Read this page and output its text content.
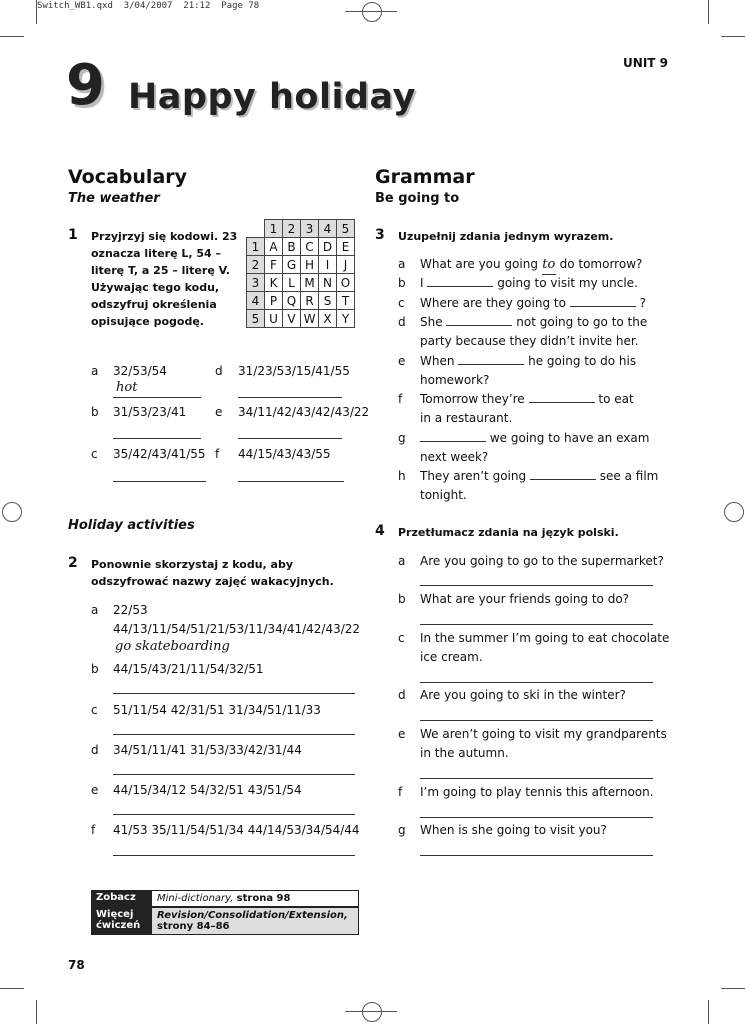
Switch_WB1.qxd  3/04/2007  21:12  Page 78
UNIT 9
9 Happy holiday
Vocabulary
The weather
1 Przyjrzyj się kodowi. 23
oznacza literę L, 54 –
literę T, a 25 – literę V.
Używając tego kodu,
odszyfruj określenia
opisujące pogodę.
	1	2	3	4	5
1	A	B	C	D	E
2	F	G	H	I	J
3	K	L	M	N	O
4	P	Q	R	S	T
5	U	V	W	X	Y
a 32/53/54
hot
b 31/53/23/41
c 35/42/43/41/55
d 31/23/53/15/41/55
e 34/11/42/43/42/43/22
f 44/15/43/43/55
Holiday activities
2 Ponownie skorzystaj z kodu, aby
odszyfrować nazwy zajęć wakacyjnych.
a 22/53
44/13/11/54/51/21/53/11/34/41/42/43/22
go skateboarding
b 44/15/43/21/11/54/32/51
c 51/11/54 42/31/51 31/34/51/11/33
d 34/51/11/41 31/53/33/42/31/44
e 44/15/34/12 54/32/51 43/51/54
f 41/53 35/11/54/51/34 44/14/53/34/54/44
Zobacz	Mini-dictionary, strona 98
Więcej ćwiczeń
Revision/Consolidation/Extension,
strony 84–86
78
Grammar
Be going to
3 Uzupełnij zdania jednym wyrazem.
a What are you going to do tomorrow?
b I	going to visit my uncle.
c Where are they going to	?
d She	not going to go to the
party because they didn’t invite her.
e When	he going to do his
homework?
f Tomorrow they’re	to eat
in a restaurant.
g	we going to have an exam
next week?
h They aren’t going	see a film
tonight.
4 Przetłumacz zdania na język polski.
a Are you going to go to the supermarket?
b What are your friends going to do?
c In the summer I’m going to eat chocolate
ice cream.
d Are you going to ski in the winter?
e We aren’t going to visit my grandparents
in the autumn.
f I’m going to play tennis this afternoon.
g When is she going to visit you?
